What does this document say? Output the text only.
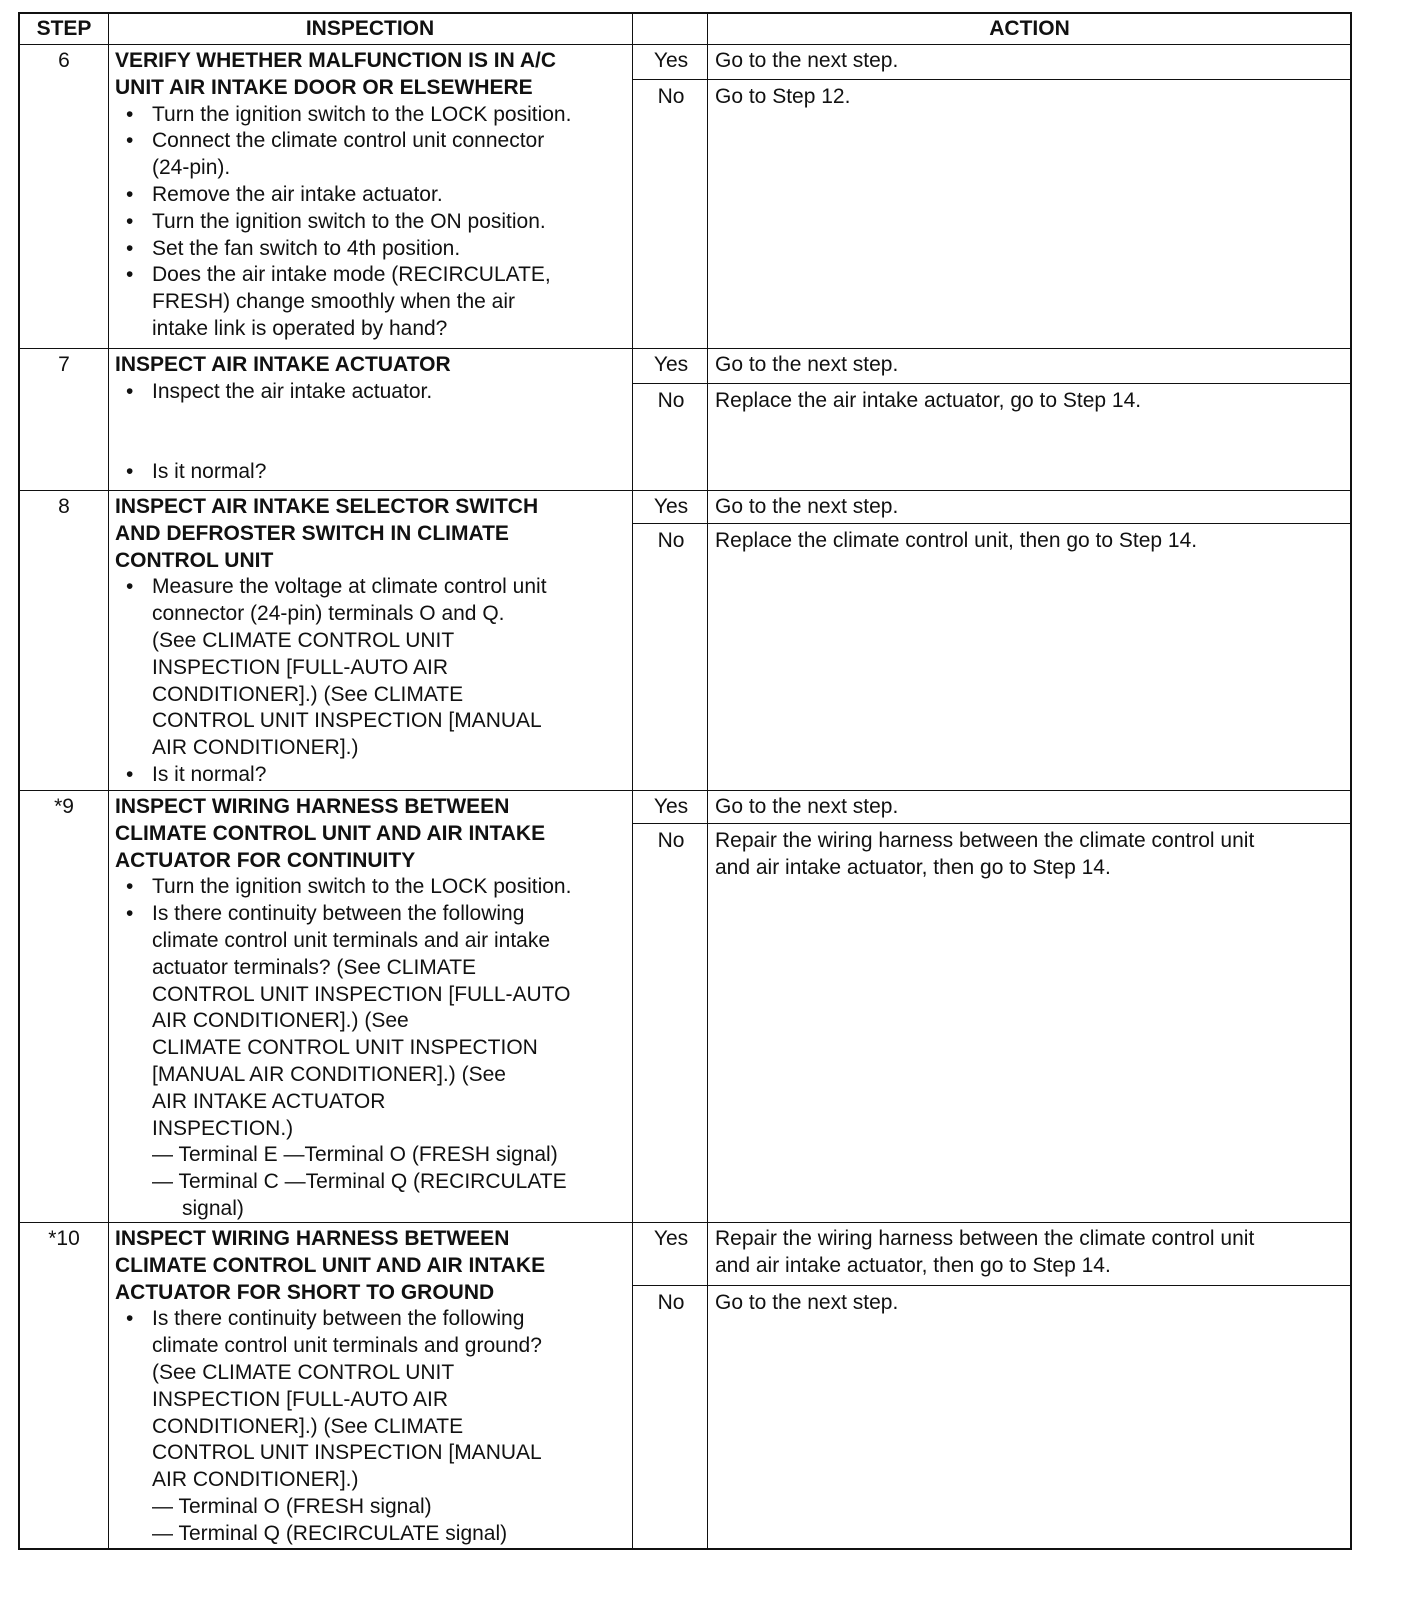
STEP	INSPECTION	ACTION
6	VERIFY WHETHER MALFUNCTION IS IN A/C
UNIT AIR INTAKE DOOR OR ELSEWHERE
• Turn the ignition switch to the LOCK position.
• Connect the climate control unit connector
(24-pin).
• Remove the air intake actuator.
• Turn the ignition switch to the ON position.
• Set the fan switch to 4th position.
• Does the air intake mode (RECIRCULATE,
FRESH) change smoothly when the air
intake link is operated by hand?
Yes	Go to the next step.
No	Go to Step 12.
7	INSPECT AIR INTAKE ACTUATOR
• Inspect the air intake actuator.
• Is it normal?
Yes	Go to the next step.
No	Replace the air intake actuator, go to Step 14.
8	INSPECT AIR INTAKE SELECTOR SWITCH
AND DEFROSTER SWITCH IN CLIMATE
CONTROL UNIT
• Measure the voltage at climate control unit
connector (24-pin) terminals O and Q.
(See CLIMATE CONTROL UNIT
INSPECTION [FULL-AUTO AIR
CONDITIONER].) (See CLIMATE
CONTROL UNIT INSPECTION [MANUAL
AIR CONDITIONER].)
• Is it normal?
Yes	Go to the next step.
No	Replace the climate control unit, then go to Step 14.
*9	INSPECT WIRING HARNESS BETWEEN
CLIMATE CONTROL UNIT AND AIR INTAKE
ACTUATOR FOR CONTINUITY
• Turn the ignition switch to the LOCK position.
• Is there continuity between the following
climate control unit terminals and air intake
actuator terminals? (See CLIMATE
CONTROL UNIT INSPECTION [FULL-AUTO
AIR CONDITIONER].) (See
CLIMATE CONTROL UNIT INSPECTION
[MANUAL AIR CONDITIONER].) (See
AIR INTAKE ACTUATOR
INSPECTION.)
— Terminal E —Terminal O (FRESH signal)
— Terminal C —Terminal Q (RECIRCULATE
signal)
Yes	Go to the next step.
No	Repair the wiring harness between the climate control unit
and air intake actuator, then go to Step 14.
*10	INSPECT WIRING HARNESS BETWEEN
CLIMATE CONTROL UNIT AND AIR INTAKE
ACTUATOR FOR SHORT TO GROUND
• Is there continuity between the following
climate control unit terminals and ground?
(See CLIMATE CONTROL UNIT
INSPECTION [FULL-AUTO AIR
CONDITIONER].) (See CLIMATE
CONTROL UNIT INSPECTION [MANUAL
AIR CONDITIONER].)
— Terminal O (FRESH signal)
— Terminal Q (RECIRCULATE signal)
Yes	Repair the wiring harness between the climate control unit
and air intake actuator, then go to Step 14.
No	Go to the next step.
